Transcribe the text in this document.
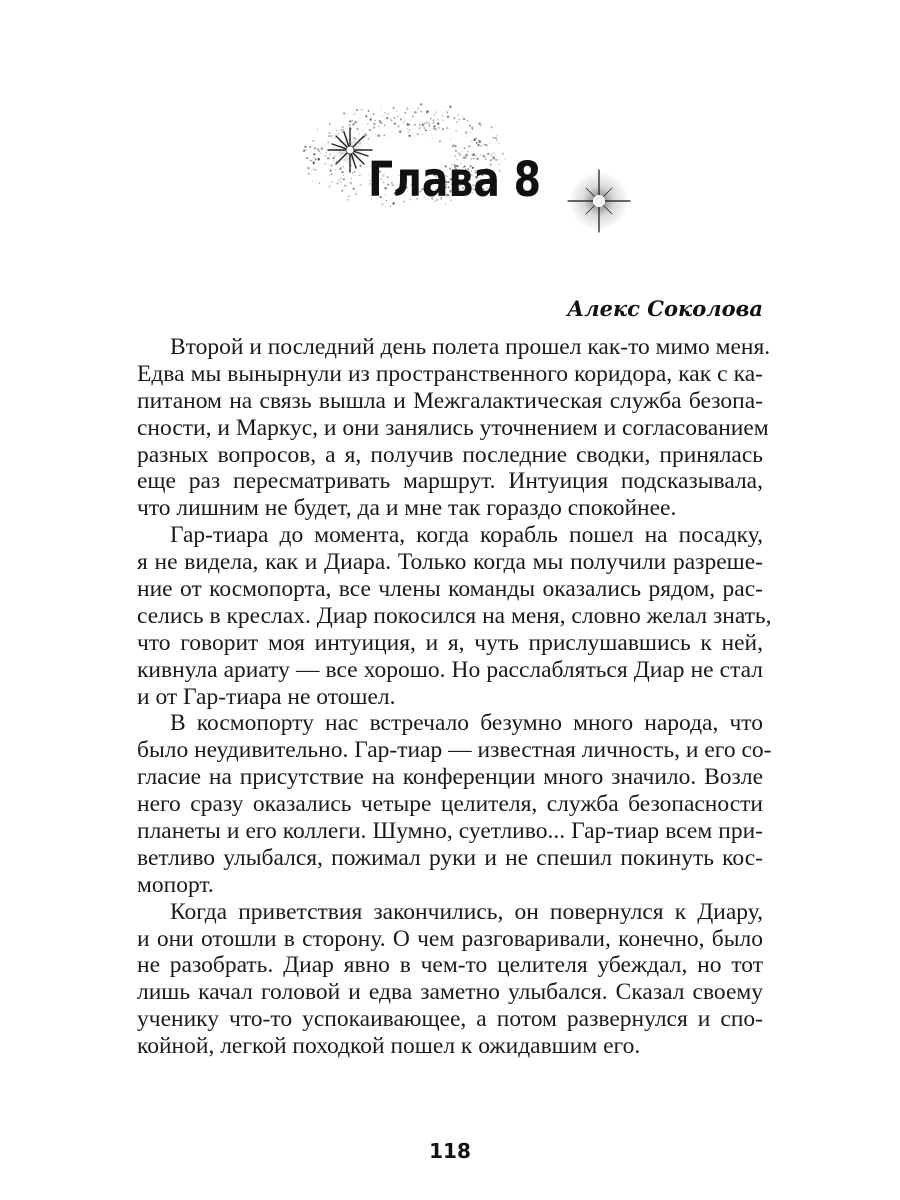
Глава 8

Алекс Соколова

Второй и последний день полета прошел как-то мимо меня.
Едва мы вынырнули из пространственного коридора, как с ка-
питаном на связь вышла и Межгалактическая служба безопа-
сности, и Маркус, и они занялись уточнением и согласованием
разных вопросов, а я, получив последние сводки, принялась
еще раз пересматривать маршрут. Интуиция подсказывала,
что лишним не будет, да и мне так гораздо спокойнее.
Гар-тиара до момента, когда корабль пошел на посадку,
я не видела, как и Диара. Только когда мы получили разреше-
ние от космопорта, все члены команды оказались рядом, рас-
селись в креслах. Диар покосился на меня, словно желал знать,
что говорит моя интуиция, и я, чуть прислушавшись к ней,
кивнула ариату — все хорошо. Но расслабляться Диар не стал
и от Гар-тиара не отошел.
В космопорту нас встречало безумно много народа, что
было неудивительно. Гар-тиар — известная личность, и его со-
гласие на присутствие на конференции много значило. Возле
него сразу оказались четыре целителя, служба безопасности
планеты и его коллеги. Шумно, суетливо... Гар-тиар всем при-
ветливо улыбался, пожимал руки и не спешил покинуть кос-
мопорт.
Когда приветствия закончились, он повернулся к Диару,
и они отошли в сторону. О чем разговаривали, конечно, было
не разобрать. Диар явно в чем-то целителя убеждал, но тот
лишь качал головой и едва заметно улыбался. Сказал своему
ученику что-то успокаивающее, а потом развернулся и спо-
койной, легкой походкой пошел к ожидавшим его.

118
